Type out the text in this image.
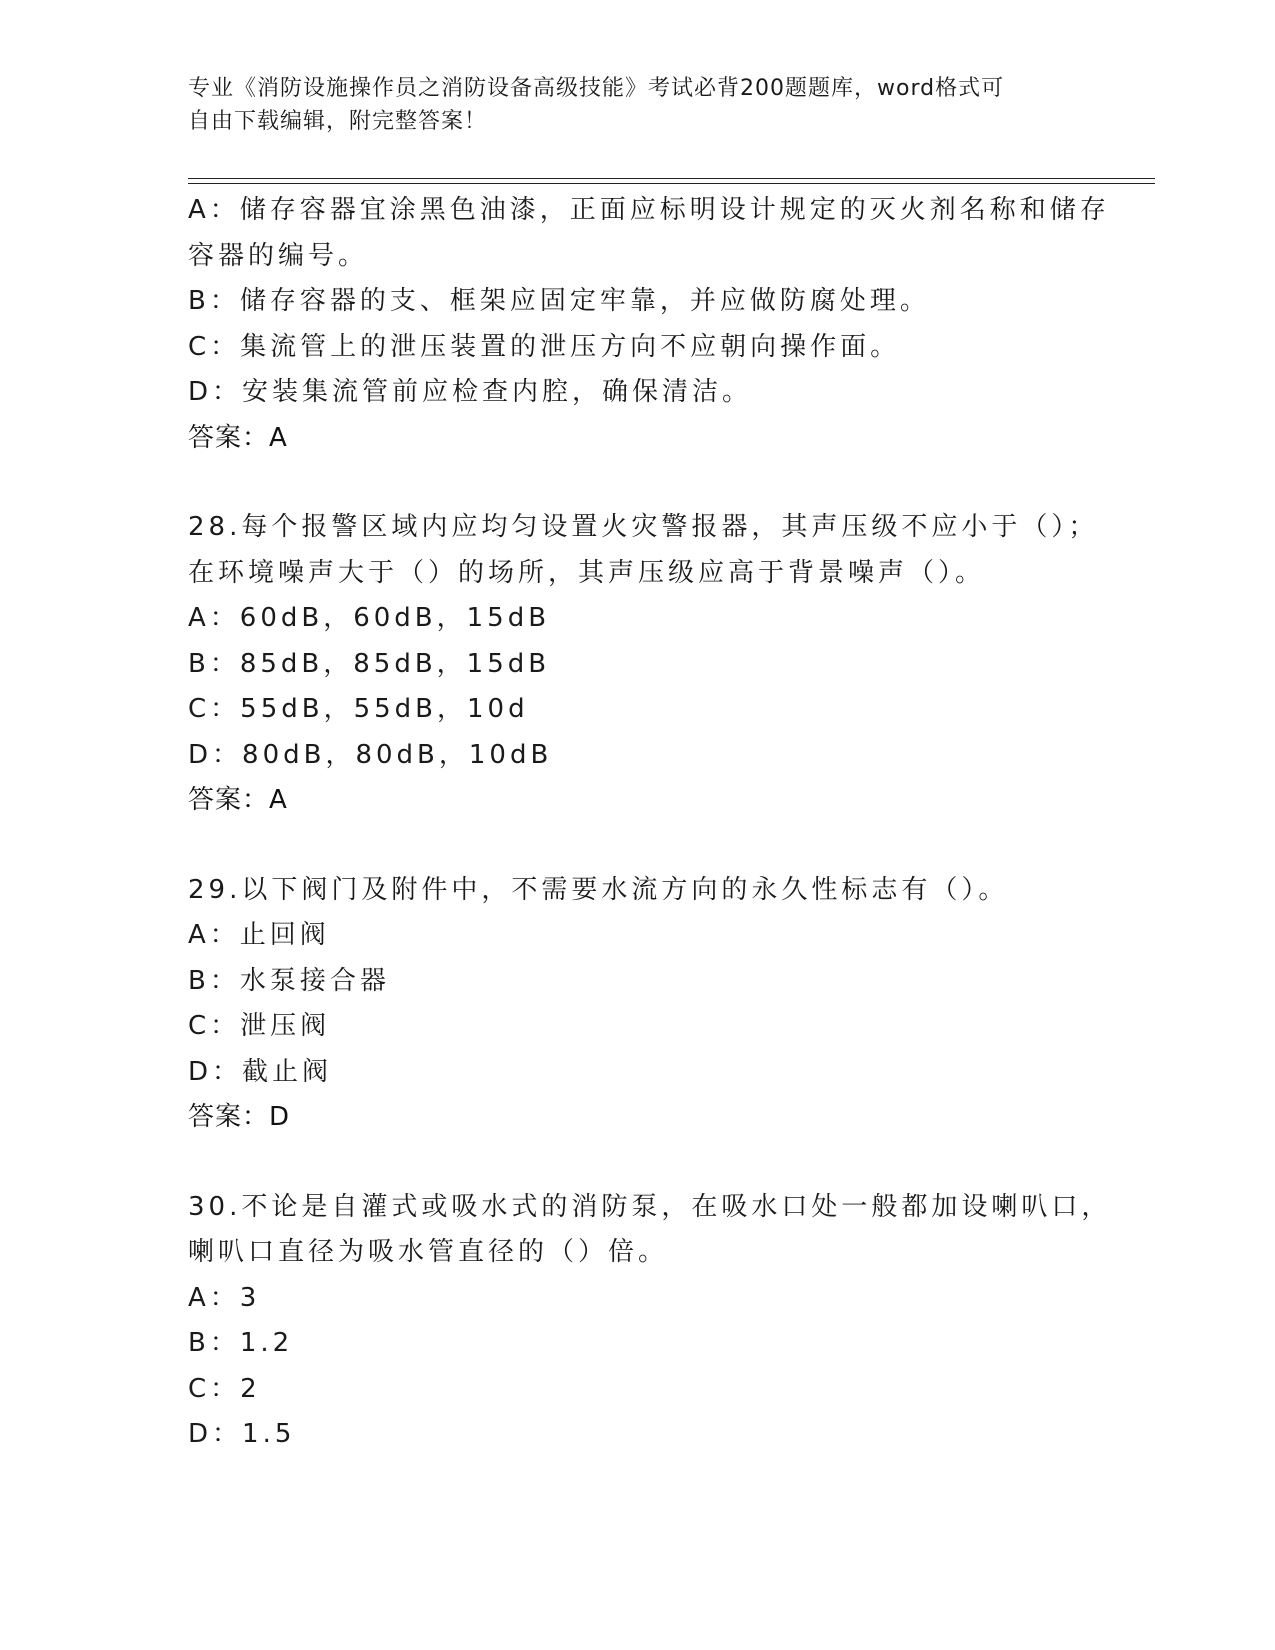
专业《消防设施操作员之消防设备高级技能》考试必背200题题库，word格式可
自由下载编辑，附完整答案！
A：储存容器宜涂黑色油漆，正面应标明设计规定的灭火剂名称和储存
容器的编号。
B：储存容器的支、框架应固定牢靠，并应做防腐处理。
C：集流管上的泄压装置的泄压方向不应朝向操作面。
D：安装集流管前应检查内腔，确保清洁。
答案：A
28.每个报警区域内应均匀设置火灾警报器，其声压级不应小于（）；
在环境噪声大于（）的场所，其声压级应高于背景噪声（）。
A：60dB，60dB，15dB
B：85dB，85dB，15dB
C：55dB，55dB，10d
D：80dB，80dB，10dB
答案：A
29.以下阀门及附件中，不需要水流方向的永久性标志有（）。
A：止回阀
B：水泵接合器
C：泄压阀
D：截止阀
答案：D
30.不论是自灌式或吸水式的消防泵，在吸水口处一般都加设喇叭口，
喇叭口直径为吸水管直径的（）倍。
A：3
B：1.2
C：2
D：1.5
